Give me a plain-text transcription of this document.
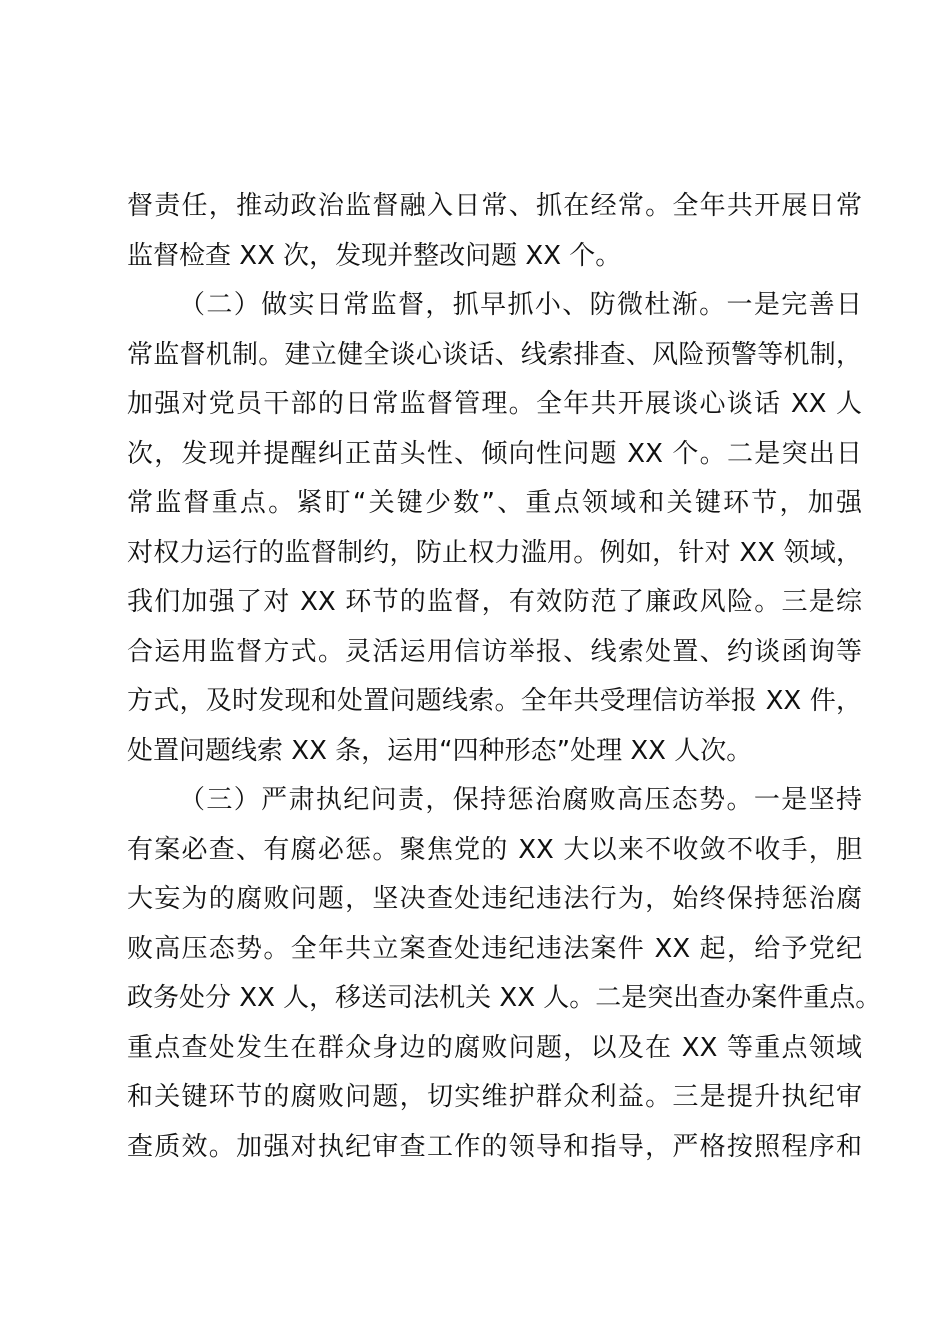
督责任，推动政治监督融入日常、抓在经常。全年共开展日常
监督检查 XX 次，发现并整改问题 XX 个。
（二）做实日常监督，抓早抓小、防微杜渐。一是完善日
常监督机制。建立健全谈心谈话、线索排查、风险预警等机制，
加强对党员干部的日常监督管理。全年共开展谈心谈话 XX 人
次，发现并提醒纠正苗头性、倾向性问题 XX 个。二是突出日
常监督重点。紧盯“关键少数”、重点领域和关键环节，加强
对权力运行的监督制约，防止权力滥用。例如，针对 XX 领域，
我们加强了对 XX 环节的监督，有效防范了廉政风险。三是综
合运用监督方式。灵活运用信访举报、线索处置、约谈函询等
方式，及时发现和处置问题线索。全年共受理信访举报 XX 件，
处置问题线索 XX 条，运用“四种形态”处理 XX 人次。
（三）严肃执纪问责，保持惩治腐败高压态势。一是坚持
有案必查、有腐必惩。聚焦党的 XX 大以来不收敛不收手，胆
大妄为的腐败问题，坚决查处违纪违法行为，始终保持惩治腐
败高压态势。全年共立案查处违纪违法案件 XX 起，给予党纪
政务处分 XX 人，移送司法机关 XX 人。二是突出查办案件重点。
重点查处发生在群众身边的腐败问题，以及在 XX 等重点领域
和关键环节的腐败问题，切实维护群众利益。三是提升执纪审
查质效。加强对执纪审查工作的领导和指导，严格按照程序和
